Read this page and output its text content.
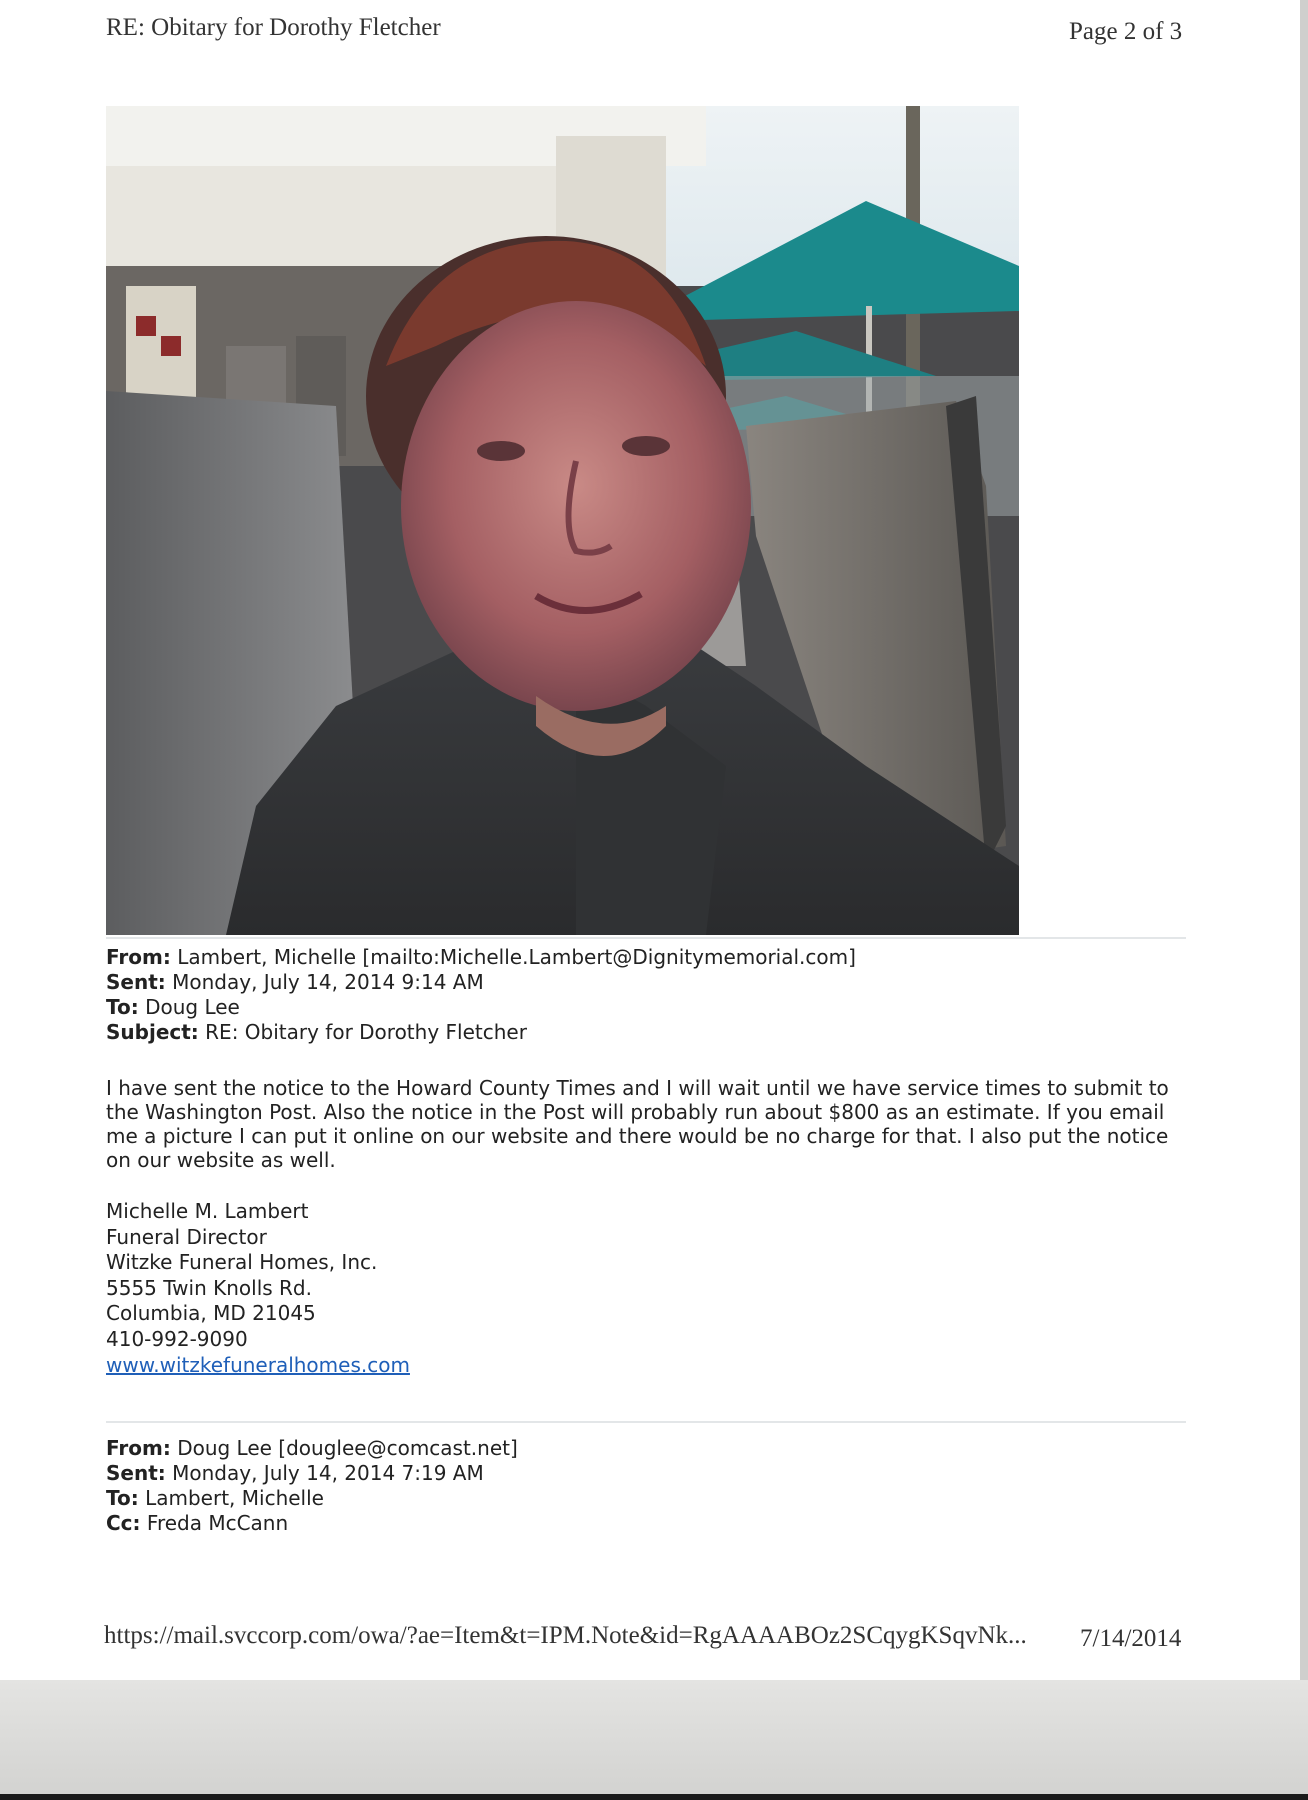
RE: Obitary for Dorothy Fletcher	Page 2 of 3
From: Lambert, Michelle [mailto:Michelle.Lambert@Dignitymemorial.com]
Sent: Monday, July 14, 2014 9:14 AM
To: Doug Lee
Subject: RE: Obitary for Dorothy Fletcher
I have sent the notice to the Howard County Times and I will wait until we have service times to submit to the Washington Post. Also the notice in the Post will probably run about $800 as an estimate. If you email me a picture I can put it online on our website and there would be no charge for that. I also put the notice on our website as well.
Michelle M. Lambert
Funeral Director
Witzke Funeral Homes, Inc.
5555 Twin Knolls Rd.
Columbia, MD 21045
410-992-9090
www.witzkefuneralhomes.com
From: Doug Lee [douglee@comcast.net]
Sent: Monday, July 14, 2014 7:19 AM
To: Lambert, Michelle
Cc: Freda McCann
https://mail.svccorp.com/owa/?ae=Item&t=IPM.Note&id=RgAAAABOz2SCqygKSqvNk... 7/14/2014
